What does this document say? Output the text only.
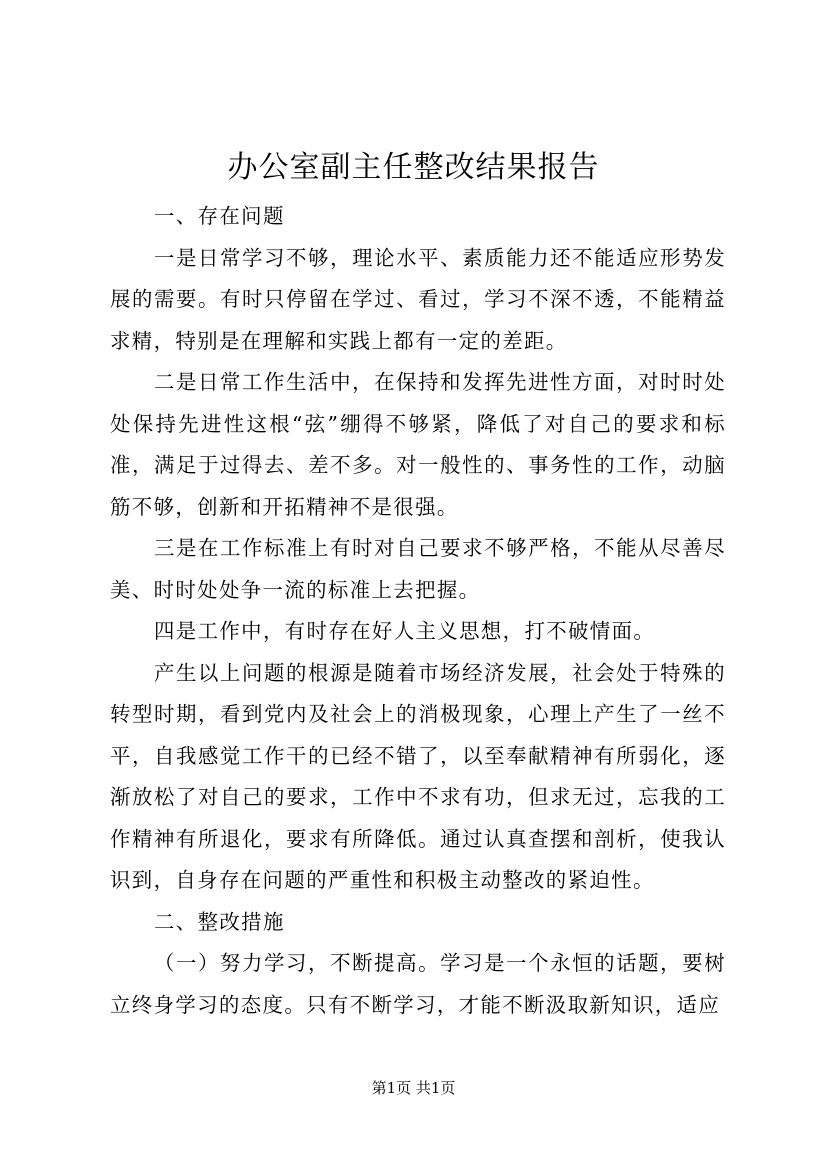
办公室副主任整改结果报告

一、存在问题

一是日常学习不够，理论水平、素质能力还不能适应形势发展的需要。有时只停留在学过、看过，学习不深不透，不能精益求精，特别是在理解和实践上都有一定的差距。

二是日常工作生活中，在保持和发挥先进性方面，对时时处处保持先进性这根“弦”绷得不够紧，降低了对自己的要求和标准，满足于过得去、差不多。对一般性的、事务性的工作，动脑筋不够，创新和开拓精神不是很强。

三是在工作标准上有时对自己要求不够严格，不能从尽善尽美、时时处处争一流的标准上去把握。

四是工作中，有时存在好人主义思想，打不破情面。

产生以上问题的根源是随着市场经济发展，社会处于特殊的转型时期，看到党内及社会上的消极现象，心理上产生了一丝不平，自我感觉工作干的已经不错了，以至奉献精神有所弱化，逐渐放松了对自己的要求，工作中不求有功，但求无过，忘我的工作精神有所退化，要求有所降低。通过认真查摆和剖析，使我认识到，自身存在问题的严重性和积极主动整改的紧迫性。

二、整改措施

（一）努力学习，不断提高。学习是一个永恒的话题，要树立终身学习的态度。只有不断学习，才能不断汲取新知识，适应

第1页 共1页
